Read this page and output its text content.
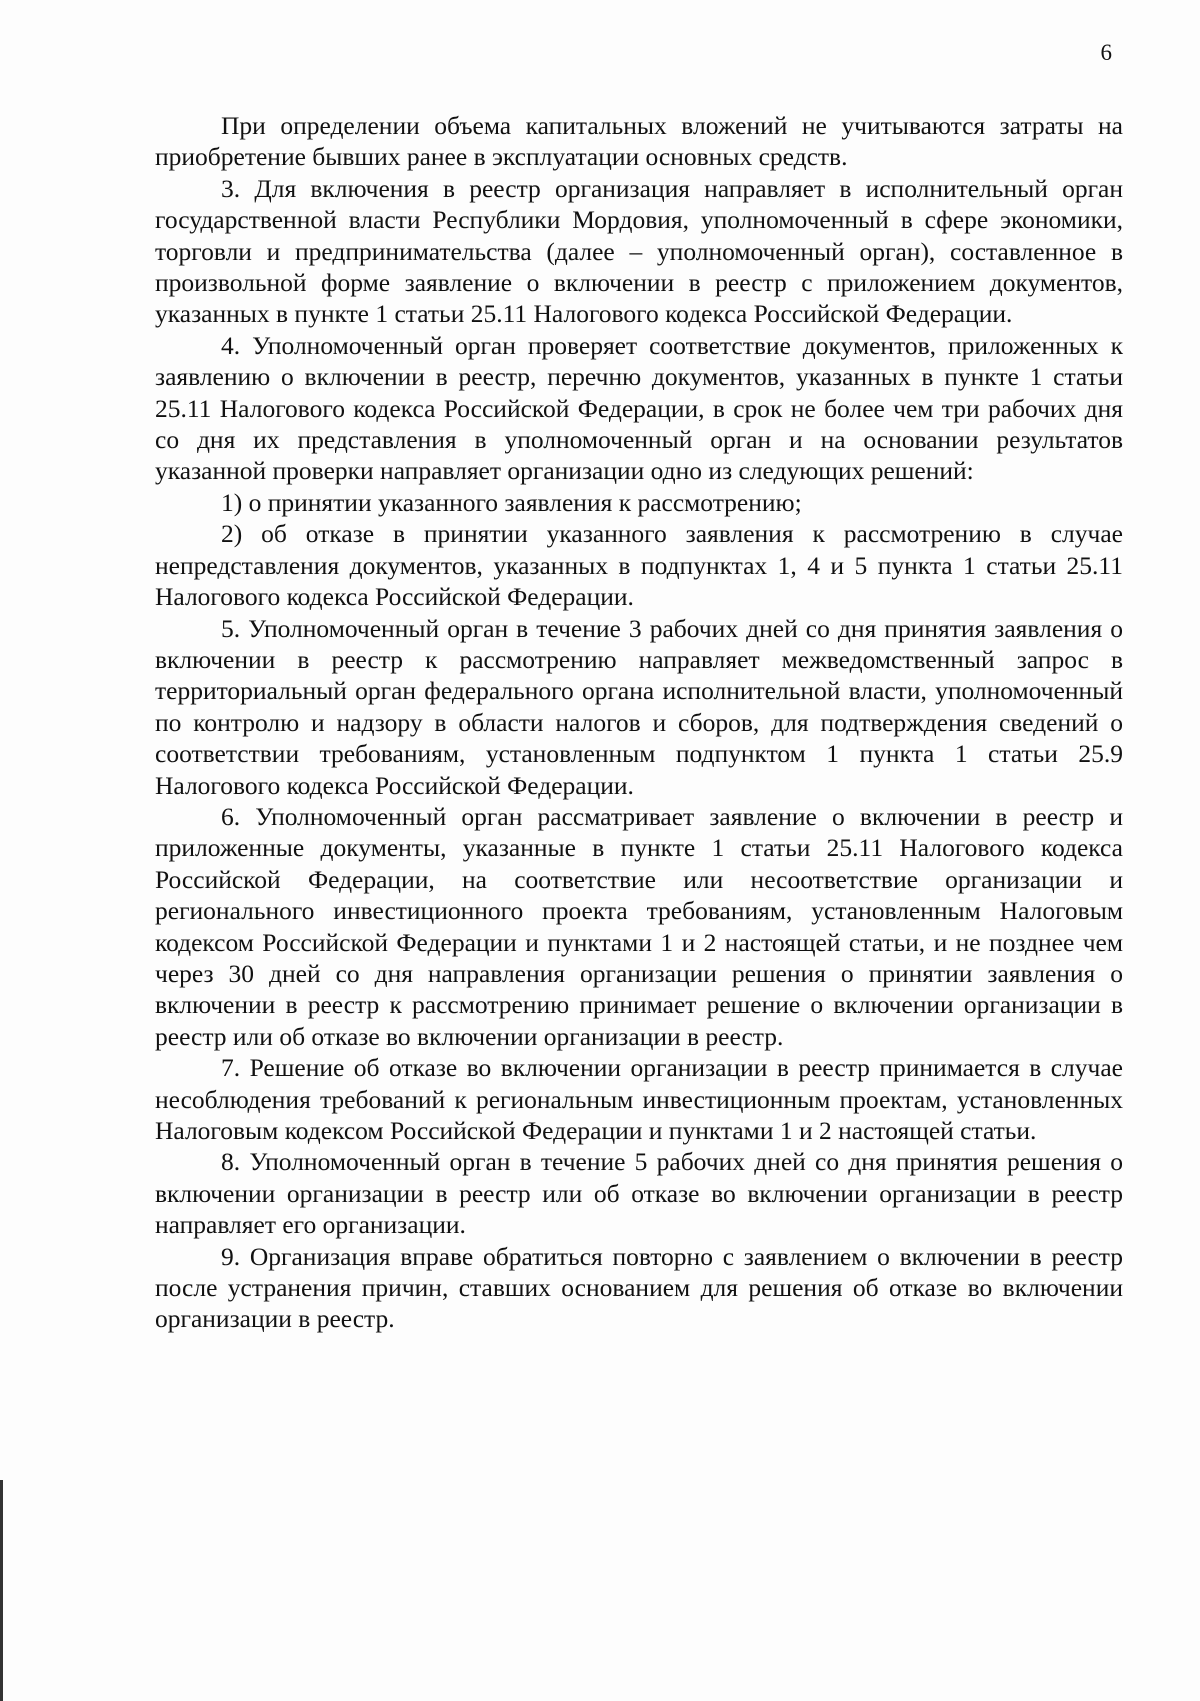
6

При определении объема капитальных вложений не учитываются затраты на приобретение бывших ранее в эксплуатации основных средств.

3. Для включения в реестр организация направляет в исполнительный орган государственной власти Республики Мордовия, уполномоченный в сфере экономики, торговли и предпринимательства (далее – уполномоченный орган), составленное в произвольной форме заявление о включении в реестр с приложением документов, указанных в пункте 1 статьи 25.11 Налогового кодекса Российской Федерации.

4. Уполномоченный орган проверяет соответствие документов, приложенных к заявлению о включении в реестр, перечню документов, указанных в пункте 1 статьи 25.11 Налогового кодекса Российской Федерации, в срок не более чем три рабочих дня со дня их представления в уполномоченный орган и на основании результатов указанной проверки направляет организации одно из следующих решений:

1) о принятии указанного заявления к рассмотрению;

2) об отказе в принятии указанного заявления к рассмотрению в случае непредставления документов, указанных в подпунктах 1, 4 и 5 пункта 1 статьи 25.11 Налогового кодекса Российской Федерации.

5. Уполномоченный орган в течение 3 рабочих дней со дня принятия заявления о включении в реестр к рассмотрению направляет межведомственный запрос в территориальный орган федерального органа исполнительной власти, уполномоченный по контролю и надзору в области налогов и сборов, для подтверждения сведений о соответствии требованиям, установленным подпунктом 1 пункта 1 статьи 25.9 Налогового кодекса Российской Федерации.

6. Уполномоченный орган рассматривает заявление о включении в реестр и приложенные документы, указанные в пункте 1 статьи 25.11 Налогового кодекса Российской Федерации, на соответствие или несоответствие организации и регионального инвестиционного проекта требованиям, установленным Налоговым кодексом Российской Федерации и пунктами 1 и 2 настоящей статьи, и не позднее чем через 30 дней со дня направления организации решения о принятии заявления о включении в реестр к рассмотрению принимает решение о включении организации в реестр или об отказе во включении организации в реестр.

7. Решение об отказе во включении организации в реестр принимается в случае несоблюдения требований к региональным инвестиционным проектам, установленных Налоговым кодексом Российской Федерации и пунктами 1 и 2 настоящей статьи.

8. Уполномоченный орган в течение 5 рабочих дней со дня принятия решения о включении организации в реестр или об отказе во включении организации в реестр направляет его организации.

9. Организация вправе обратиться повторно с заявлением о включении в реестр после устранения причин, ставших основанием для решения об отказе во включении организации в реестр.
